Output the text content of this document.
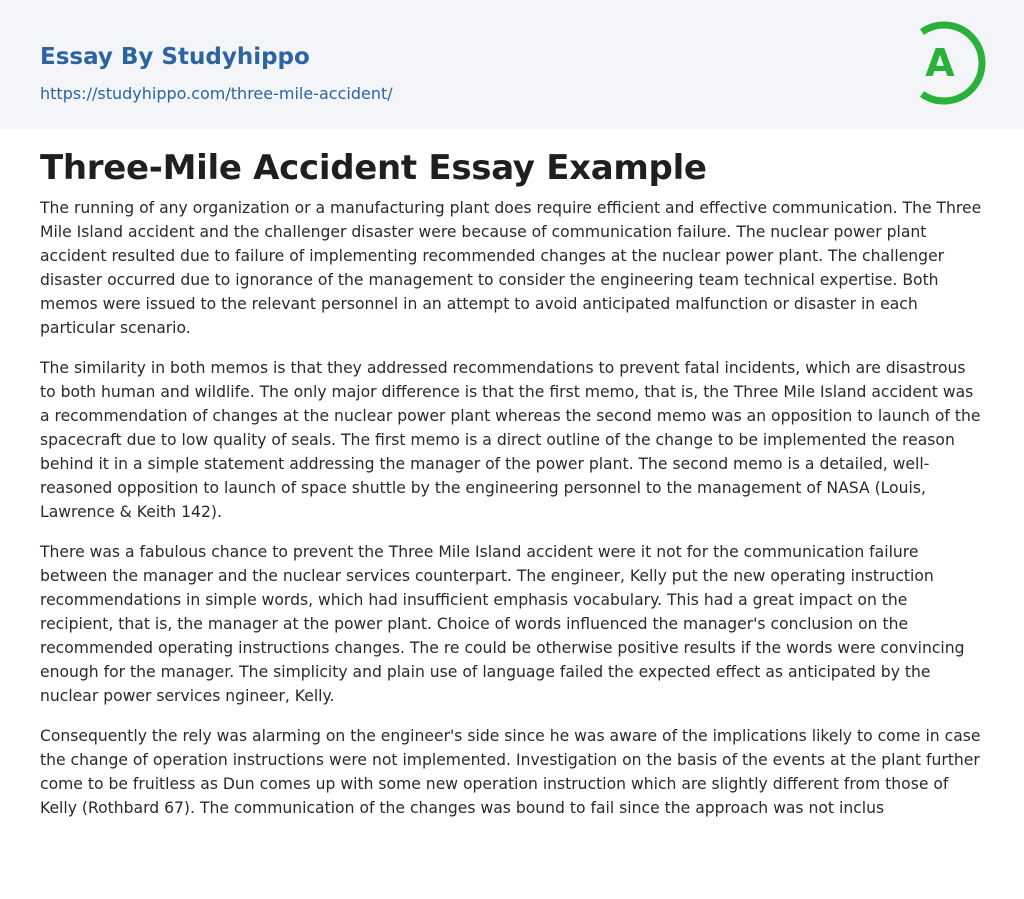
Essay By Studyhippo
https://studyhippo.com/three-mile-accident/
A
Three-Mile Accident Essay Example

The running of any organization or a manufacturing plant does require efficient and effective communication. The Three Mile Island accident and the challenger disaster were because of communication failure. The nuclear power plant accident resulted due to failure of implementing recommended changes at the nuclear power plant. The challenger disaster occurred due to ignorance of the management to consider the engineering team technical expertise. Both memos were issued to the relevant personnel in an attempt to avoid anticipated malfunction or disaster in each particular scenario.

The similarity in both memos is that they addressed recommendations to prevent fatal incidents, which are disastrous to both human and wildlife. The only major difference is that the first memo, that is, the Three Mile Island accident was a recommendation of changes at the nuclear power plant whereas the second memo was an opposition to launch of the spacecraft due to low quality of seals. The first memo is a direct outline of the change to be implemented the reason behind it in a simple statement addressing the manager of the power plant. The second memo is a detailed, well-reasoned opposition to launch of space shuttle by the engineering personnel to the management of NASA (Louis, Lawrence & Keith 142).

There was a fabulous chance to prevent the Three Mile Island accident were it not for the communication failure between the manager and the nuclear services counterpart. The engineer, Kelly put the new operating instruction recommendations in simple words, which had insufficient emphasis vocabulary. This had a great impact on the recipient, that is, the manager at the power plant. Choice of words influenced the manager's conclusion on the recommended operating instructions changes. The re could be otherwise positive results if the words were convincing enough for the manager. The simplicity and plain use of language failed the expected effect as anticipated by the nuclear power services ngineer, Kelly.

Consequently the rely was alarming on the engineer's side since he was aware of the implications likely to come in case the change of operation instructions were not implemented. Investigation on the basis of the events at the plant further come to be fruitless as Dun comes up with some new operation instruction which are slightly different from those of Kelly (Rothbard 67). The communication of the changes was bound to fail since the approach was not inclus
